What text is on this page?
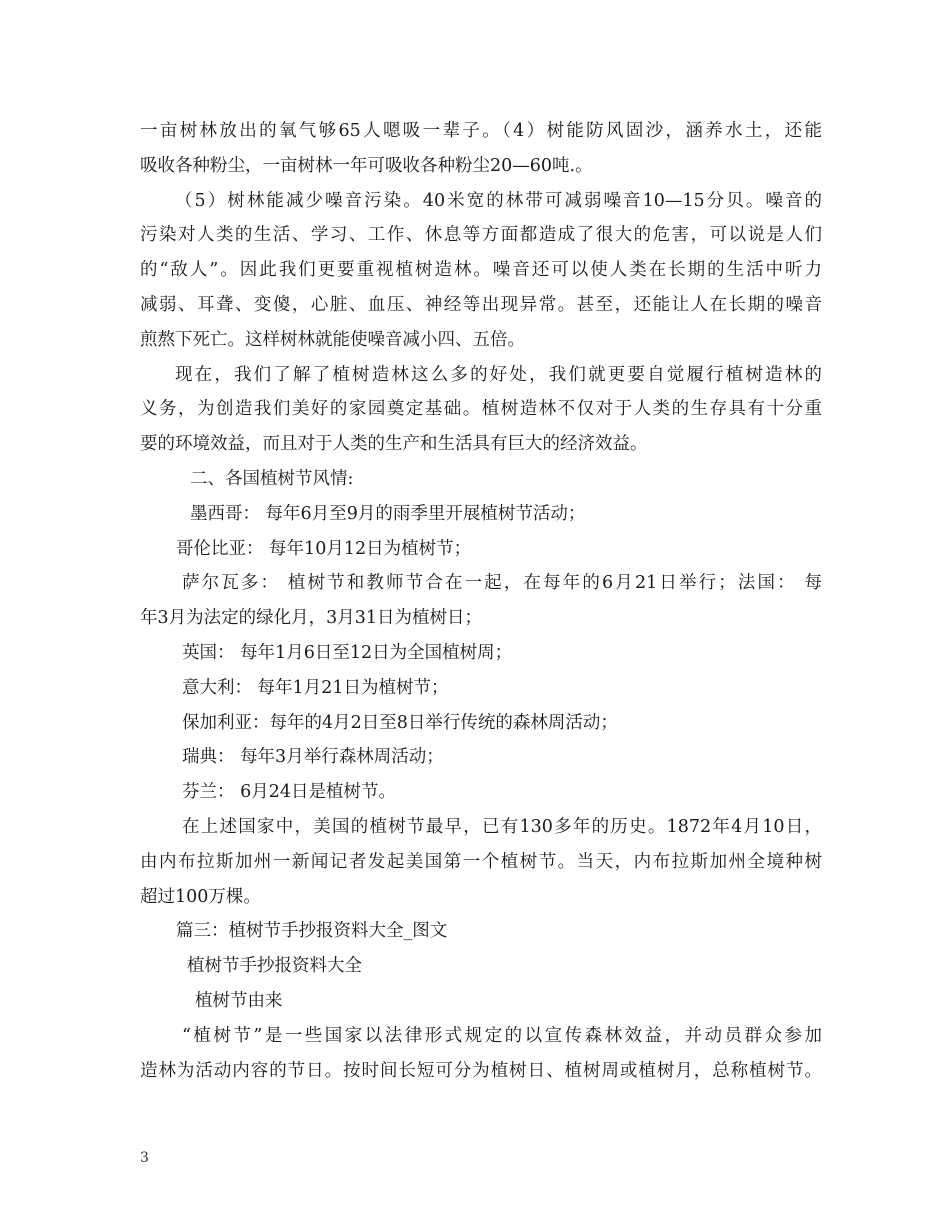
一亩树林放出的氧气够65人嗯吸一辈子。（4）树能防风固沙，涵养水土，还能
吸收各种粉尘，一亩树林一年可吸收各种粉尘20—60吨.。
（5）树林能减少噪音污染。40米宽的林带可减弱噪音10—15分贝。噪音的
污染对人类的生活、学习、工作、休息等方面都造成了很大的危害，可以说是人们
的“敌人”。因此我们更要重视植树造林。噪音还可以使人类在长期的生活中听力
减弱、耳聋、变傻，心脏、血压、神经等出现异常。甚至，还能让人在长期的噪音
煎熬下死亡。这样树林就能使噪音减小四、五倍。
现在，我们了解了植树造林这么多的好处，我们就更要自觉履行植树造林的
义务，为创造我们美好的家园奠定基础。植树造林不仅对于人类的生存具有十分重
要的环境效益，而且对于人类的生产和生活具有巨大的经济效益。
二、各国植树节风情:
墨西哥： 每年6月至9月的雨季里开展植树节活动；
哥伦比亚： 每年10月12日为植树节；
萨尔瓦多： 植树节和教师节合在一起，在每年的6月21日举行；法国： 每
年3月为法定的绿化月，3月31日为植树日；
英国： 每年1月6日至12日为全国植树周；
意大利： 每年1月21日为植树节；
保加利亚：每年的4月2日至8日举行传统的森林周活动；
瑞典： 每年3月举行森林周活动；
芬兰： 6月24日是植树节。
在上述国家中，美国的植树节最早，已有130多年的历史。1872年4月10日，
由内布拉斯加州一新闻记者发起美国第一个植树节。当天，内布拉斯加州全境种树
超过100万棵。
篇三：植树节手抄报资料大全_图文
植树节手抄报资料大全
植树节由来
“植树节”是一些国家以法律形式规定的以宣传森林效益，并动员群众参加
造林为活动内容的节日。按时间长短可分为植树日、植树周或植树月，总称植树节。
3
